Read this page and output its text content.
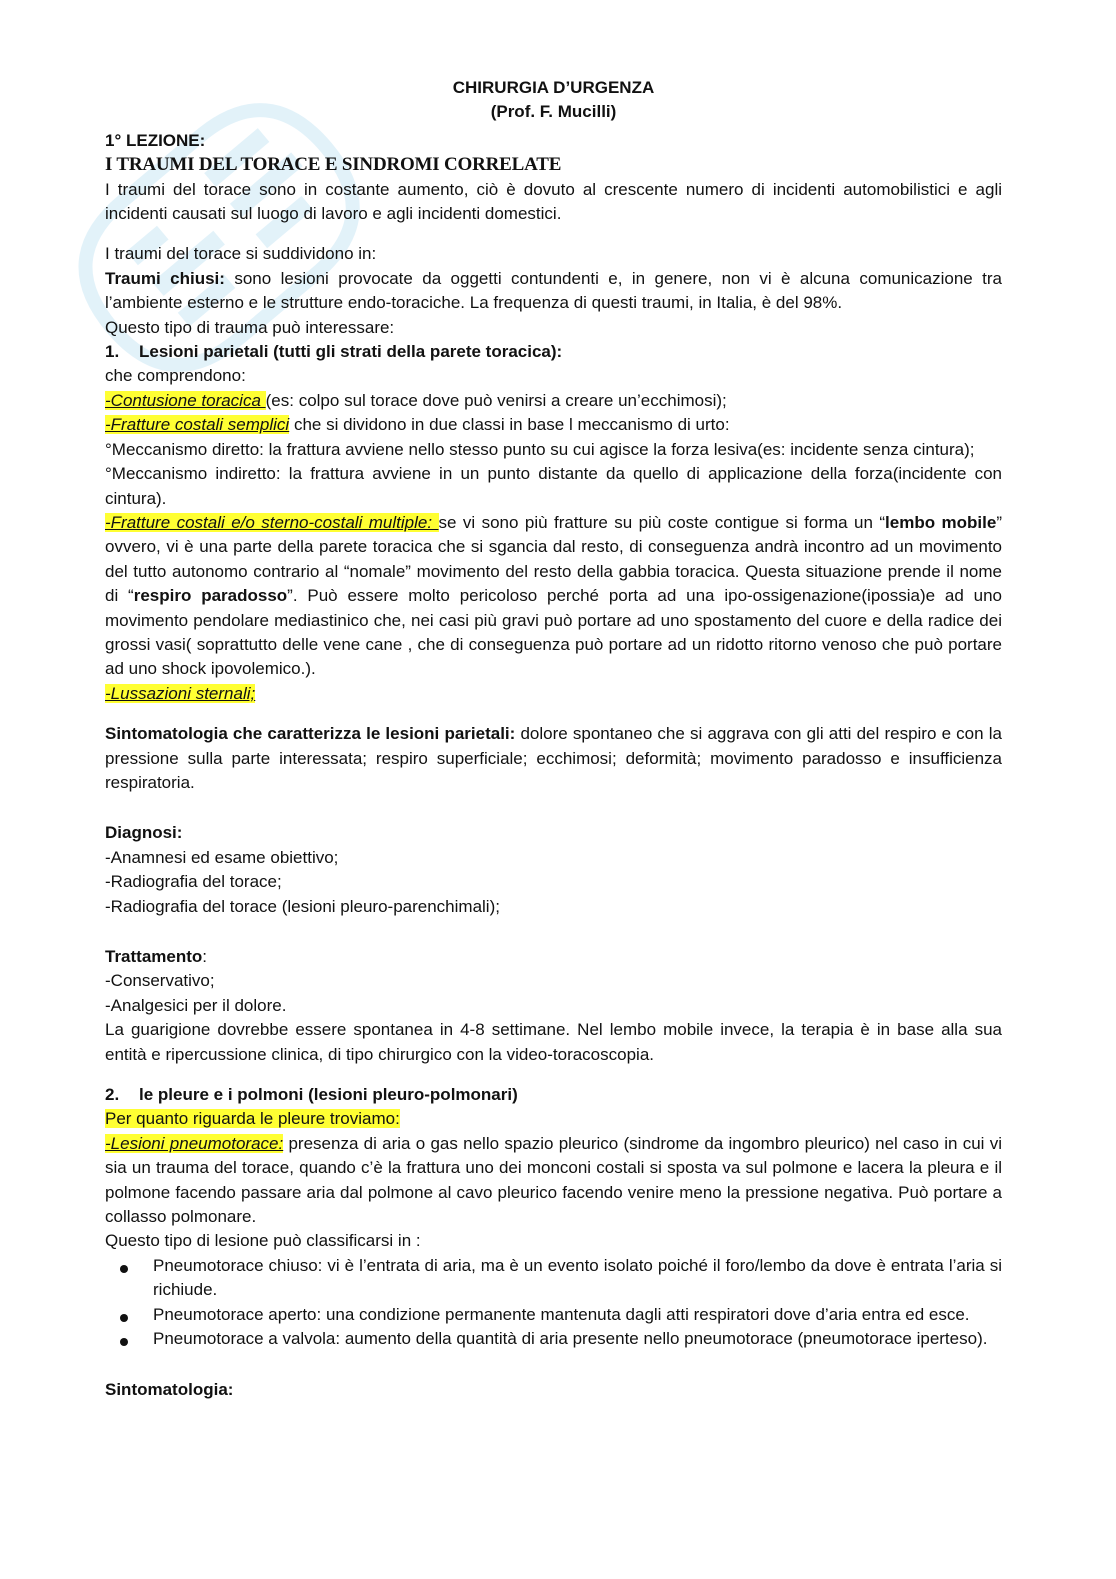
CHIRURGIA D’URGENZA
(Prof. F. Mucilli)
1° LEZIONE:
I TRAUMI DEL TORACE E SINDROMI CORRELATE
I traumi del torace sono in costante aumento, ciò è dovuto al crescente numero di incidenti automobilistici e agli incidenti causati sul luogo di lavoro e agli incidenti domestici.
I traumi del torace si suddividono in:
Traumi chiusi: sono lesioni provocate da oggetti contundenti e, in genere, non vi è alcuna comunicazione tra l’ambiente esterno e le strutture endo-toraciche. La frequenza di questi traumi, in Italia, è del 98%.
Questo tipo di trauma può interessare:
1.	Lesioni parietali (tutti gli strati della parete toracica):
che comprendono:
-Contusione toracica (es: colpo sul torace dove può venirsi a creare un’ecchimosi);
-Fratture costali semplici che si dividono in due classi in base l meccanismo di urto:
°Meccanismo diretto: la frattura avviene nello stesso punto su cui agisce la forza lesiva(es: incidente senza cintura);
°Meccanismo indiretto: la frattura avviene in un punto distante da quello di applicazione della forza(incidente con cintura).
-Fratture costali e/o sterno-costali multiple: se vi sono più fratture su più coste contigue si forma un “lembo mobile” ovvero, vi è una parte della parete toracica che si sgancia dal resto, di conseguenza andrà incontro ad un movimento del tutto autonomo contrario al “nomale” movimento del resto della gabbia toracica. Questa situazione prende il nome di “respiro paradosso”. Può essere molto pericoloso perché porta ad una ipo-ossigenazione(ipossia)e ad uno movimento pendolare mediastinico che, nei casi più gravi può portare ad uno spostamento del cuore e della radice dei grossi vasi( soprattutto delle vene cane , che di conseguenza può portare ad un ridotto ritorno venoso che può portare ad uno shock ipovolemico.).
-Lussazioni sternali;
Sintomatologia che caratterizza le lesioni parietali: dolore spontaneo che si aggrava con gli atti del respiro e con la pressione sulla parte interessata; respiro superficiale; ecchimosi; deformità; movimento paradosso e insufficienza respiratoria.
Diagnosi:
-Anamnesi ed esame obiettivo;
-Radiografia del torace;
-Radiografia del torace (lesioni pleuro-parenchimali);
Trattamento:
-Conservativo;
-Analgesici per il dolore.
La guarigione dovrebbe essere spontanea in 4-8 settimane. Nel lembo mobile invece, la terapia è in base alla sua entità e ripercussione clinica, di tipo chirurgico con la video-toracoscopia.
2.	le pleure e i polmoni (lesioni pleuro-polmonari)
Per quanto riguarda le pleure troviamo:
-Lesioni pneumotorace: presenza di aria o gas nello spazio pleurico (sindrome da ingombro pleurico) nel caso in cui vi sia un trauma del torace, quando c’è la frattura uno dei monconi costali si sposta va sul polmone e lacera la pleura e il polmone facendo passare aria dal polmone al cavo pleurico facendo venire meno la pressione negativa. Può portare a collasso polmonare.
Questo tipo di lesione può classificarsi in :
Pneumotorace chiuso: vi è l’entrata di aria, ma è un evento isolato poiché il foro/lembo da dove è entrata l’aria si richiude.
Pneumotorace aperto: una condizione permanente mantenuta dagli atti respiratori dove d’aria entra ed esce.
Pneumotorace a valvola: aumento della quantità di aria presente nello pneumotorace (pneumotorace iperteso).
Sintomatologia:
